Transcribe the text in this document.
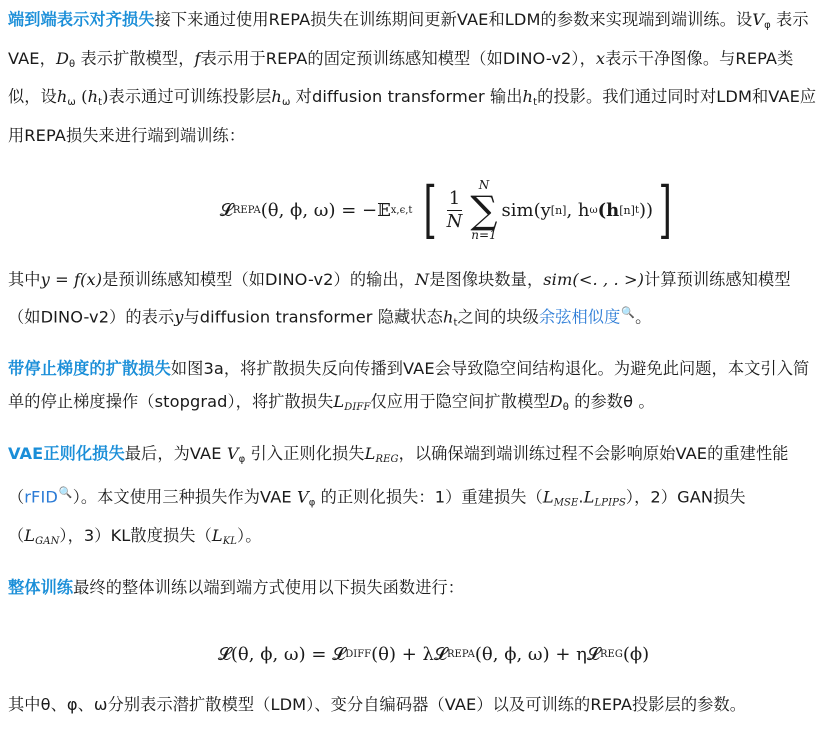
端到端表示对齐损失接下来通过使用REPA损失在训练期间更新VAE和LDM的参数来实现端到端训练。设$V_\varphi$ 表示VAE，$D_\theta$ 表示扩散模型，f表示用于REPA的固定预训练感知模型（如DINO-v2），x表示干净图像。与REPA类似，设$h_\omega$ $(h_t)$表示通过可训练投影层$h_\omega$ 对diffusion transformer 输出$h_t$的投影。我们通过同时对LDM和VAE应用REPA损失来进行端到端训练：

𝓛 REPA (θ, ϕ, ω) = −𝔼 x,ϵ,t [ $\frac{1}{N}$
N
∑
n=1
sim(y [n] , h ω (h [n] t )) ]

其中y = f(x)是预训练感知模型（如DINO-v2）的输出，N是图像块数量，sim(<. , . >)计算预训练感知模型（如DINO-v2）的表示y与diffusion transformer 隐藏状态$h_t$之间的块级余弦相似度🔍。

带停止梯度的扩散损失如图3a，将扩散损失反向传播到VAE会导致隐空间结构退化。为避免此问题，本文引入简单的停止梯度操作（stopgrad），将扩散损失$L_{DIFF}$仅应用于隐空间扩散模型$D_\theta$ 的参数θ 。

VAE正则化损失最后，为VAE $V_\varphi$ 引入正则化损失$L_{REG}$，以确保端到端训练过程不会影响原始VAE的重建性能（rFID🔍）。本文使用三种损失作为VAE $V_\varphi$ 的正则化损失：1）重建损失$(L_{MSE}.L_{LPIPS})$，2）GAN损失$(L_{GAN})$，3）KL散度损失$(L_{KL})$。

整体训练最终的整体训练以端到端方式使用以下损失函数进行：

𝓛(θ, ϕ, ω) = 𝓛 DIFF (θ) + λ𝓛 REPA (θ, ϕ, ω) + η𝓛 REG (ϕ)

其中θ、φ、ω分别表示潜扩散模型（LDM）、变分自编码器（VAE）以及可训练的REPA投影层的参数。
